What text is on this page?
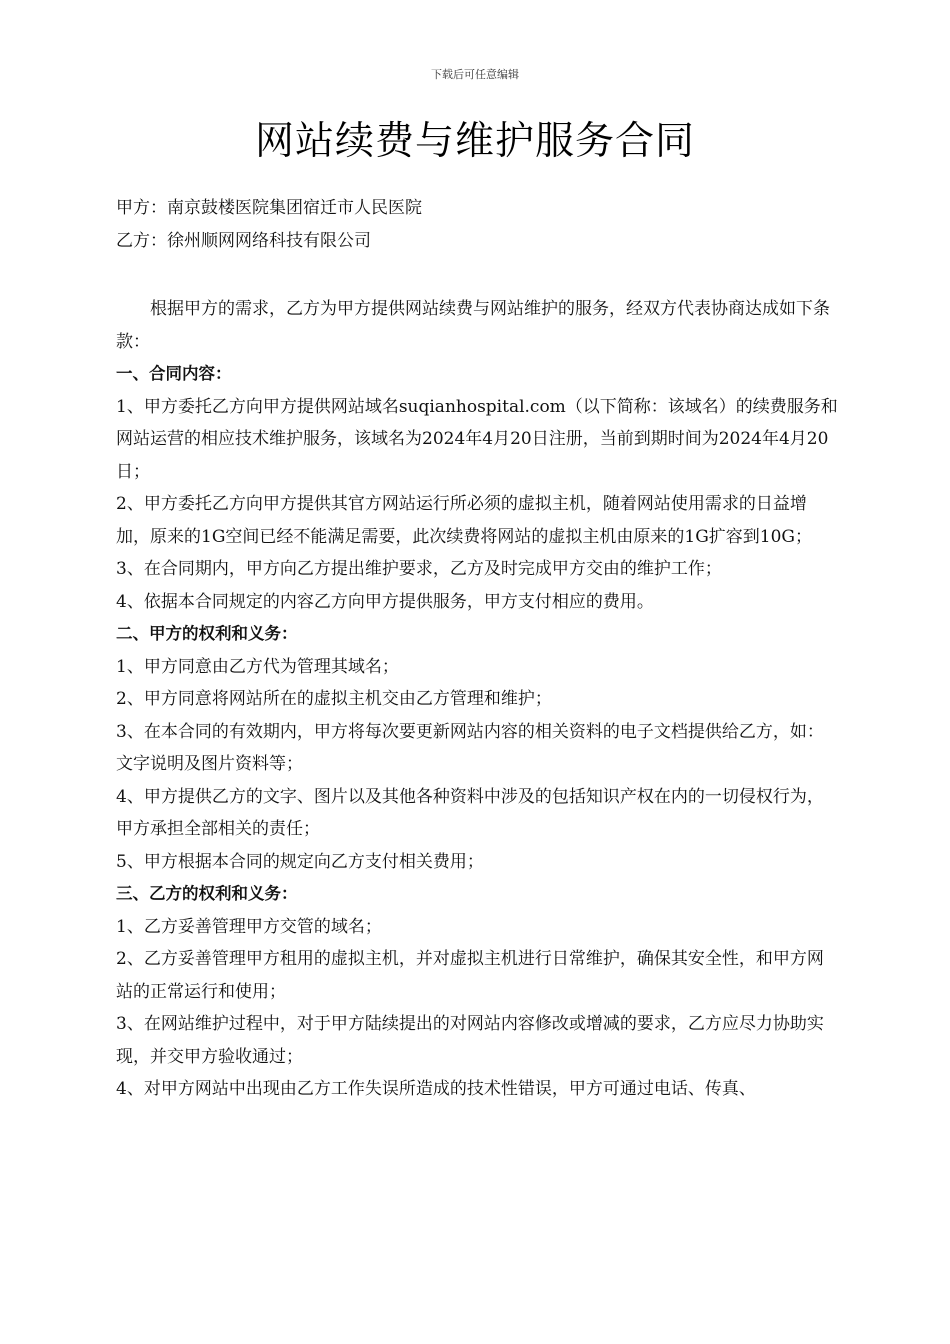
下载后可任意编辑
网站续费与维护服务合同

甲方：南京鼓楼医院集团宿迁市人民医院

乙方：徐州顺网网络科技有限公司

根据甲方的需求，乙方为甲方提供网站续费与网站维护的服务，经双方代表协商达成如下条款：

一、合同内容：

1、甲方委托乙方向甲方提供网站域名suqianhospital.com（以下简称：该域名）的续费服务和网站运营的相应技术维护服务，该域名为2024年4月20日注册，当前到期时间为2024年4月20日；

2、甲方委托乙方向甲方提供其官方网站运行所必须的虚拟主机，随着网站使用需求的日益增加，原来的1G空间已经不能满足需要，此次续费将网站的虚拟主机由原来的1G扩容到10G；

3、在合同期内，甲方向乙方提出维护要求，乙方及时完成甲方交由的维护工作；

4、依据本合同规定的内容乙方向甲方提供服务，甲方支付相应的费用。

二、甲方的权利和义务：

1、甲方同意由乙方代为管理其域名；

2、甲方同意将网站所在的虚拟主机交由乙方管理和维护；

3、在本合同的有效期内，甲方将每次要更新网站内容的相关资料的电子文档提供给乙方，如：文字说明及图片资料等；

4、甲方提供乙方的文字、图片以及其他各种资料中涉及的包括知识产权在内的一切侵权行为，甲方承担全部相关的责任；

5、甲方根据本合同的规定向乙方支付相关费用；

三、乙方的权利和义务：

1、乙方妥善管理甲方交管的域名；

2、乙方妥善管理甲方租用的虚拟主机，并对虚拟主机进行日常维护，确保其安全性，和甲方网站的正常运行和使用；

3、在网站维护过程中，对于甲方陆续提出的对网站内容修改或增减的要求，乙方应尽力协助实现，并交甲方验收通过；

4、对甲方网站中出现由乙方工作失误所造成的技术性错误，甲方可通过电话、传真、
